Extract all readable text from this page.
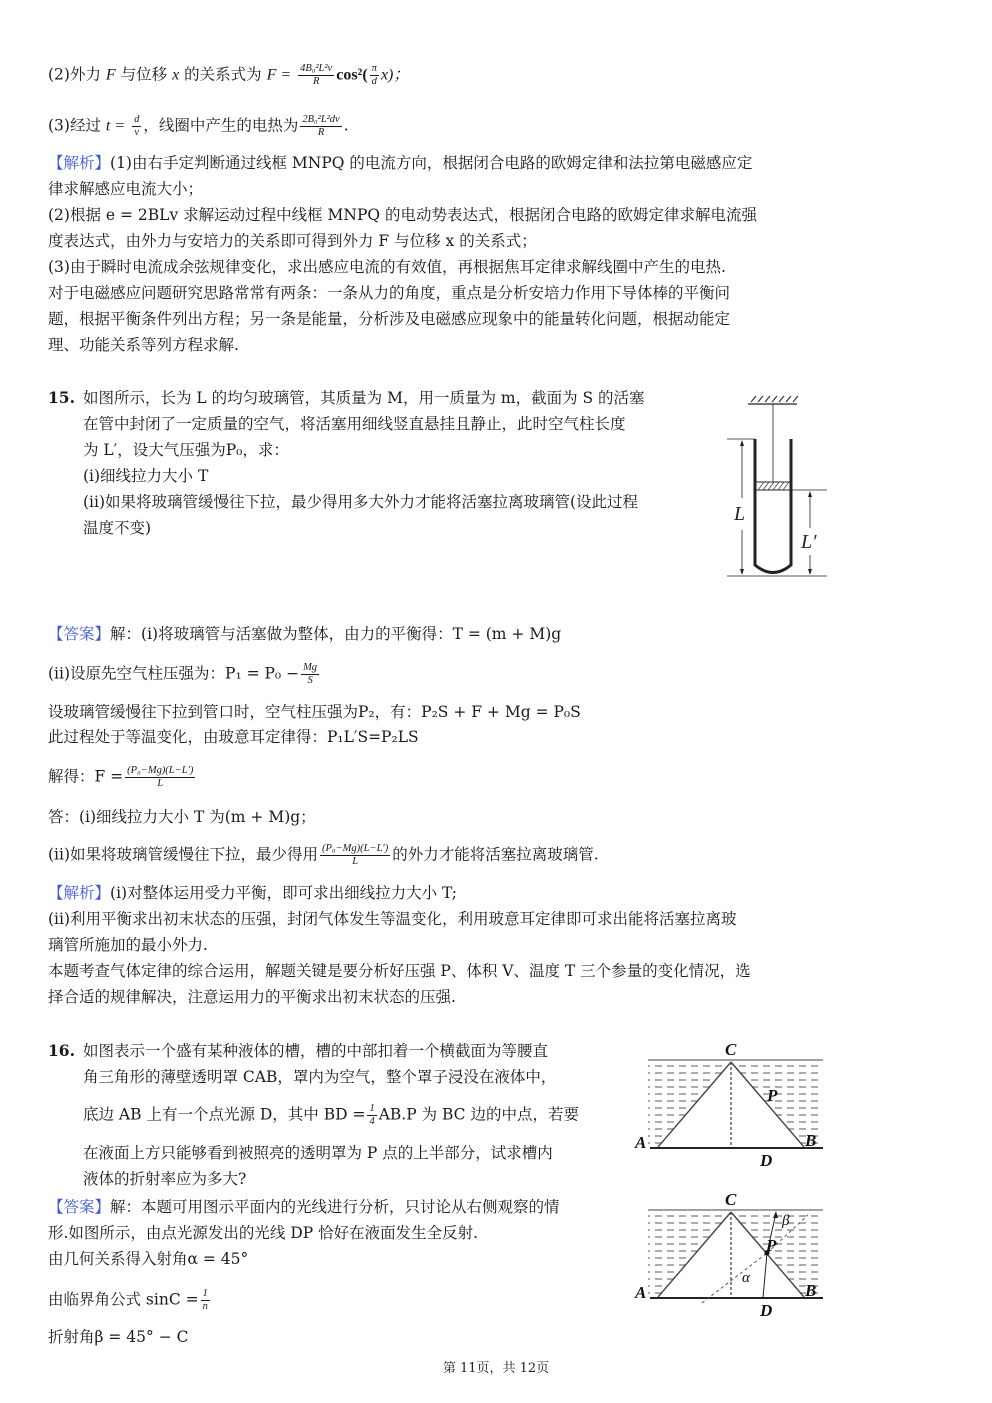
(2)外力 F 与位移 x 的关系式为 $F = \frac{\text{4B₀²L²v}}{R} \cos^2( \frac{\pi}{d} x)$；
(3)经过 $t = \frac{d}{v}$ ，线圈中产生的电热为 $\frac{\text{2B₀²L²dv}}{R}$ .
【解析】(1)由右手定判断通过线框 MNPQ 的电流方向，根据闭合电路的欧姆定律和法拉第电磁感应定
律求解感应电流大小；
(2)根据 e = 2BLv 求解运动过程中线框 MNPQ 的电动势表达式，根据闭合电路的欧姆定律求解电流强
度表达式，由外力与安培力的关系即可得到外力 F 与位移 x 的关系式；
(3)由于瞬时电流成余弦规律变化，求出感应电流的有效值，再根据焦耳定律求解线圈中产生的电热.
对于电磁感应问题研究思路常常有两条：一条从力的角度，重点是分析安培力作用下导体棒的平衡问
题，根据平衡条件列出方程；另一条是能量，分析涉及电磁感应现象中的能量转化问题，根据动能定
理、功能关系等列方程求解.
15. 如图所示，长为 L 的均匀玻璃管，其质量为 M，用一质量为 m，截面为 S 的活塞
在管中封闭了一定质量的空气，将活塞用细线竖直悬挂且静止，此时空气柱长度
为 L′，设大气压强为P₀，求：
(i)细线拉力大小 T
(ii)如果将玻璃管缓慢往下拉，最少得用多大外力才能将活塞拉离玻璃管(设此过程
温度不变)
L
L′
【答案】解：(i)将玻璃管与活塞做为整体，由力的平衡得：T = (m + M)g
(ii)设原先空气柱压强为：$P_1 = P_0 - \frac{Mg}{S}$
设玻璃管缓慢往下拉到管口时，空气柱压强为P₂，有：P₂S + F + Mg = P₀S
此过程处于等温变化，由玻意耳定律得：P₁L′S=P₂LS
解得：$F = \frac{\text{(P₀−Mg)(L−L′)}}{L}$
答：(i)细线拉力大小 T 为(m + M)g；
(ii)如果将玻璃管缓慢往下拉，最少得用 $\frac{\text{(P₀−Mg)(L−L′)}}{L}$ 的外力才能将活塞拉离玻璃管.
【解析】(i)对整体运用受力平衡，即可求出细线拉力大小 T;
(ii)利用平衡求出初末状态的压强，封闭气体发生等温变化，利用玻意耳定律即可求出能将活塞拉离玻
璃管所施加的最小外力.
本题考查气体定律的综合运用，解题关键是要分析好压强 P、体积 V、温度 T 三个参量的变化情况，选
择合适的规律解决，注意运用力的平衡求出初末状态的压强.
16. 如图表示一个盛有某种液体的槽，槽的中部扣着一个横截面为等腰直
角三角形的薄壁透明罩 CAB，罩内为空气，整个罩子浸没在液体中，
底边 AB 上有一个点光源 D，其中 BD = $\frac{1}{4} AB.P$ 为 BC 边的中点，若要
在液面上方只能够看到被照亮的透明罩为 P 点的上半部分，试求槽内
液体的折射率应为多大?
C
A	B
D
P
【答案】解：本题可用图示平面内的光线进行分析，只讨论从右侧观察的情
形.如图所示，由点光源发出的光线 DP 恰好在液面发生全反射.
由几何关系得入射角α = 45°
由临界角公式 $\sin C = \frac{1}{n}$
折射角β = 45° − C
C
A	B
D
P
α
β
第 11页，共 12页
